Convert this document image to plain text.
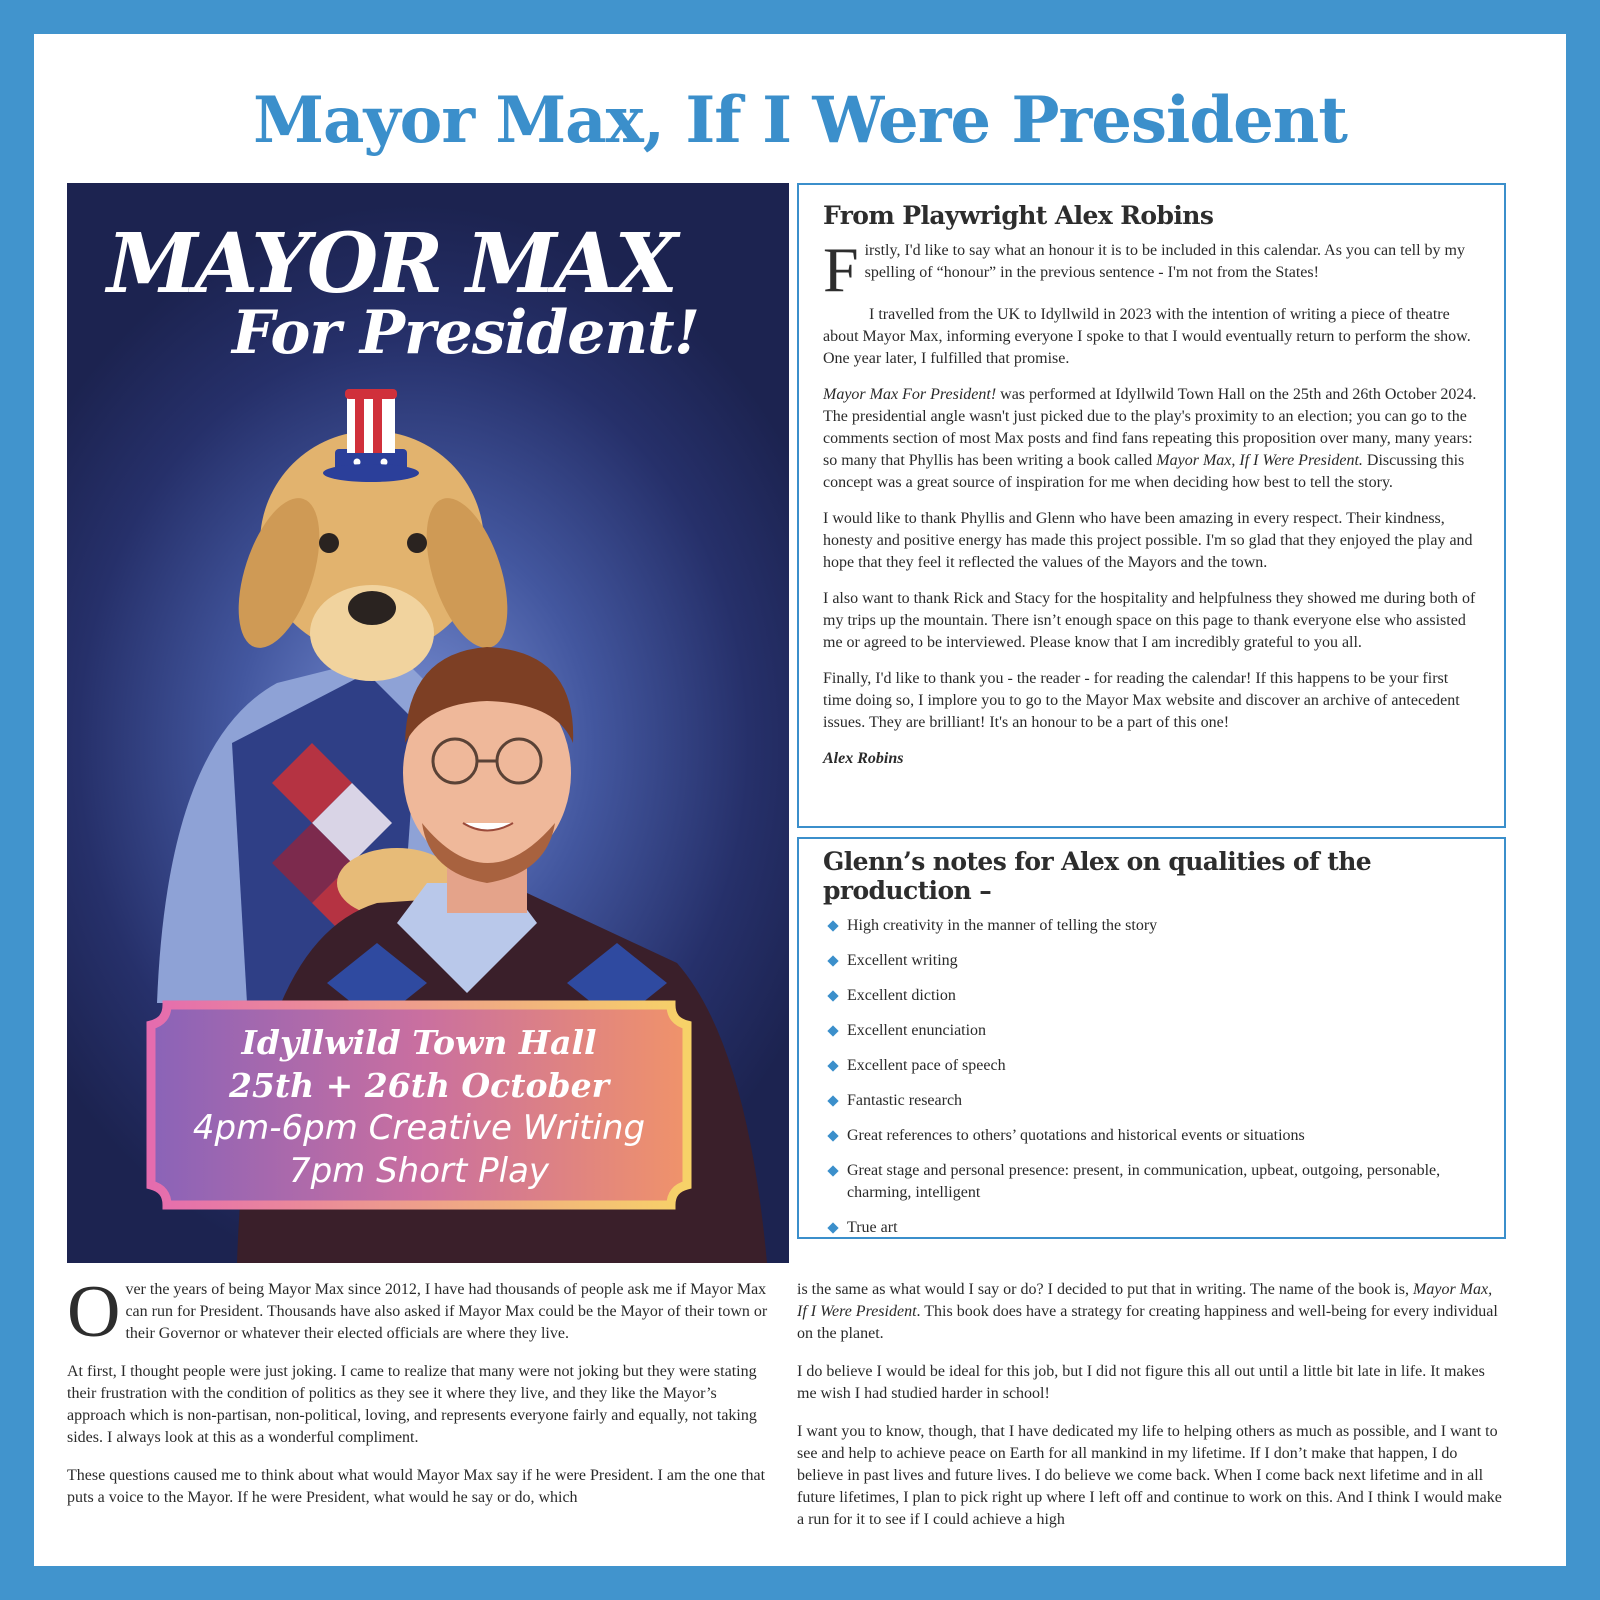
Mayor Max, If I Were President

MAYOR MAX

For President!

Idyllwild Town Hall
25th + 26th October
4pm-6pm Creative Writing
7pm Short Play
From Playwright Alex Robins

Firstly, I'd like to say what an honour it is to be included in this calendar. As you can tell by my spelling of “honour” in the previous sentence - I'm not from the States!

I travelled from the UK to Idyllwild in 2023 with the intention of writing a piece of theatre about Mayor Max, informing everyone I spoke to that I would eventually return to perform the show. One year later, I fulfilled that promise.

Mayor Max For President! was performed at Idyllwild Town Hall on the 25th and 26th October 2024. The presidential angle wasn't just picked due to the play's proximity to an election; you can go to the comments section of most Max posts and find fans repeating this proposition over many, many years: so many that Phyllis has been writing a book called Mayor Max, If I Were President. Discussing this concept was a great source of inspiration for me when deciding how best to tell the story.

I would like to thank Phyllis and Glenn who have been amazing in every respect. Their kindness, honesty and positive energy has made this project possible. I'm so glad that they enjoyed the play and hope that they feel it reflected the values of the Mayors and the town.

I also want to thank Rick and Stacy for the hospitality and helpfulness they showed me during both of my trips up the mountain. There isn’t enough space on this page to thank everyone else who assisted me or agreed to be interviewed. Please know that I am incredibly grateful to you all.

Finally, I'd like to thank you - the reader - for reading the calendar! If this happens to be your first time doing so, I implore you to go to the Mayor Max website and discover an archive of antecedent issues. They are brilliant! It's an honour to be a part of this one!

Alex Robins

Glenn’s notes for Alex on qualities of the production –
High creativity in the manner of telling the story
Excellent writing
Excellent diction
Excellent enunciation
Excellent pace of speech
Fantastic research
Great references to others’ quotations and historical events or situations
Great stage and personal presence: present, in communication, upbeat, outgoing, personable, charming, intelligent
True art

Over the years of being Mayor Max since 2012, I have had thousands of people ask me if Mayor Max can run for President. Thousands have also asked if Mayor Max could be the Mayor of their town or their Governor or whatever their elected officials are where they live.

At first, I thought people were just joking. I came to realize that many were not joking but they were stating their frustration with the condition of politics as they see it where they live, and they like the Mayor’s approach which is non-partisan, non-political, loving, and represents everyone fairly and equally, not taking sides. I always look at this as a wonderful compliment.

These questions caused me to think about what would Mayor Max say if he were President. I am the one that puts a voice to the Mayor. If he were President, what would he say or do, which

is the same as what would I say or do? I decided to put that in writing. The name of the book is, Mayor Max, If I Were President. This book does have a strategy for creating happiness and well-being for every individual on the planet.

I do believe I would be ideal for this job, but I did not figure this all out until a little bit late in life. It makes me wish I had studied harder in school!

I want you to know, though, that I have dedicated my life to helping others as much as possible, and I want to see and help to achieve peace on Earth for all mankind in my lifetime. If I don’t make that happen, I do believe in past lives and future lives. I do believe we come back. When I come back next lifetime and in all future lifetimes, I plan to pick right up where I left off and continue to work on this. And I think I would make a run for it to see if I could achieve a high
